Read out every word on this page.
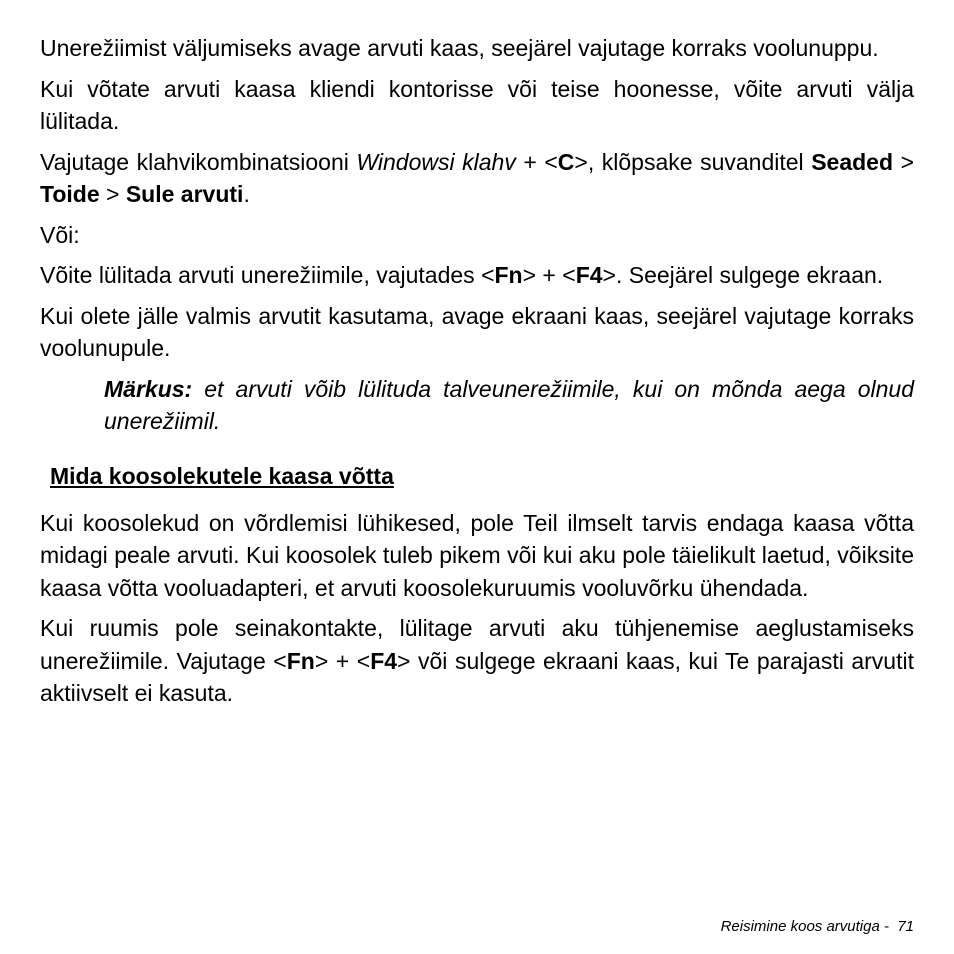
Unerežiimist väljumiseks avage arvuti kaas, seejärel vajutage korraks voolunuppu.

Kui võtate arvuti kaasa kliendi kontorisse või teise hoonesse, võite arvuti välja lülitada.

Vajutage klahvikombinatsiooni Windowsi klahv + <C>, klõpsake suvanditel Seaded > Toide > Sule arvuti.

Või:

Võite lülitada arvuti unerežiimile, vajutades <Fn> + <F4>. Seejärel sulgege ekraan.

Kui olete jälle valmis arvutit kasutama, avage ekraani kaas, seejärel vajutage korraks voolunupule.

Märkus: et arvuti võib lülituda talveunerežiimile, kui on mõnda aega olnud unerežiimil.

Mida koosolekutele kaasa võtta

Kui koosolekud on võrdlemisi lühikesed, pole Teil ilmselt tarvis endaga kaasa võtta midagi peale arvuti. Kui koosolek tuleb pikem või kui aku pole täielikult laetud, võiksite kaasa võtta vooluadapteri, et arvuti koosolekuruumis vooluvõrku ühendada.

Kui ruumis pole seinakontakte, lülitage arvuti aku tühjenemise aeglustamiseks unerežiimile. Vajutage <Fn> + <F4> või sulgege ekraani kaas, kui Te parajasti arvutit aktiivselt ei kasuta.

Reisimine koos arvutiga -  71
